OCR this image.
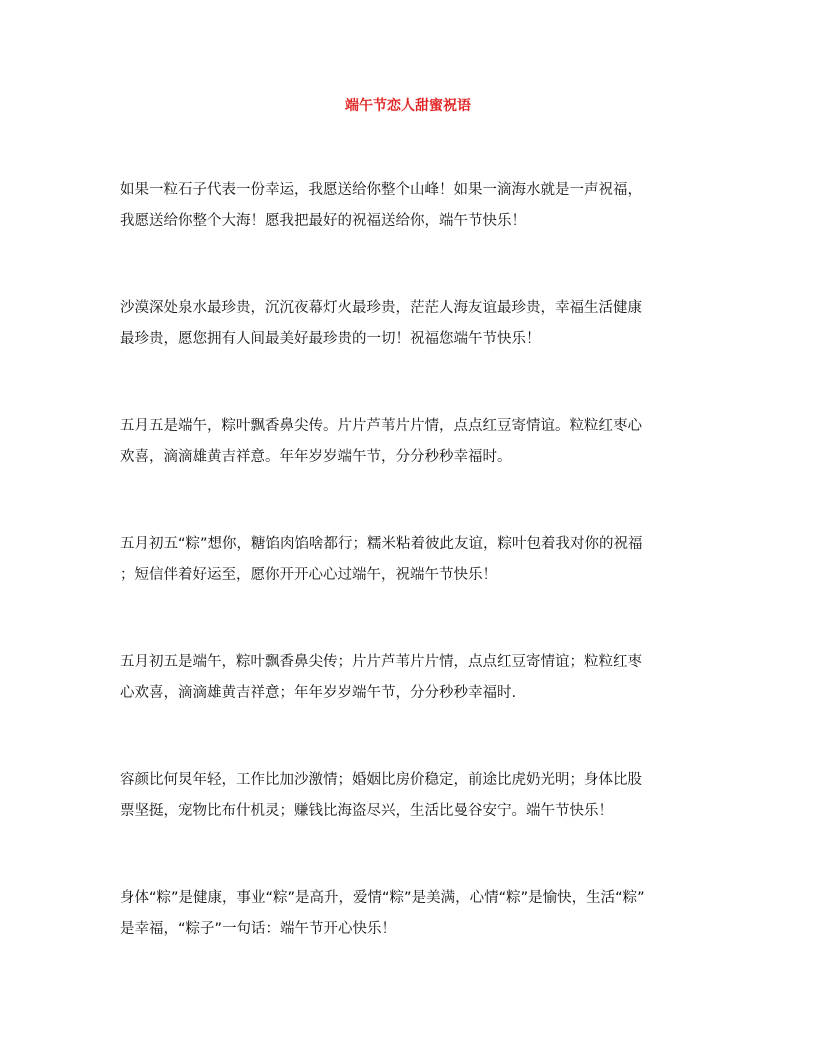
端午节恋人甜蜜祝语

如果一粒石子代表一份幸运，我愿送给你整个山峰！如果一滴海水就是一声祝福，
我愿送给你整个大海！愿我把最好的祝福送给你，端午节快乐！

沙漠深处泉水最珍贵，沉沉夜幕灯火最珍贵，茫茫人海友谊最珍贵，幸福生活健康
最珍贵，愿您拥有人间最美好最珍贵的一切！祝福您端午节快乐！

五月五是端午，粽叶飘香鼻尖传。片片芦苇片片情，点点红豆寄情谊。粒粒红枣心
欢喜，滴滴雄黄吉祥意。年年岁岁端午节，分分秒秒幸福时。

五月初五“粽”想你，糖馅肉馅啥都行；糯米粘着彼此友谊，粽叶包着我对你的祝福
；短信伴着好运至，愿你开开心心过端午，祝端午节快乐！

五月初五是端午，粽叶飘香鼻尖传；片片芦苇片片情，点点红豆寄情谊；粒粒红枣
心欢喜，滴滴雄黄吉祥意；年年岁岁端午节，分分秒秒幸福时.

容颜比何炅年轻，工作比加沙激情；婚姻比房价稳定，前途比虎奶光明；身体比股
票坚挺，宠物比布什机灵；赚钱比海盗尽兴，生活比曼谷安宁。端午节快乐！

身体“粽”是健康，事业“粽”是高升，爱情“粽”是美满，心情“粽”是愉快，生活“粽”
是幸福，“粽子”一句话：端午节开心快乐！
